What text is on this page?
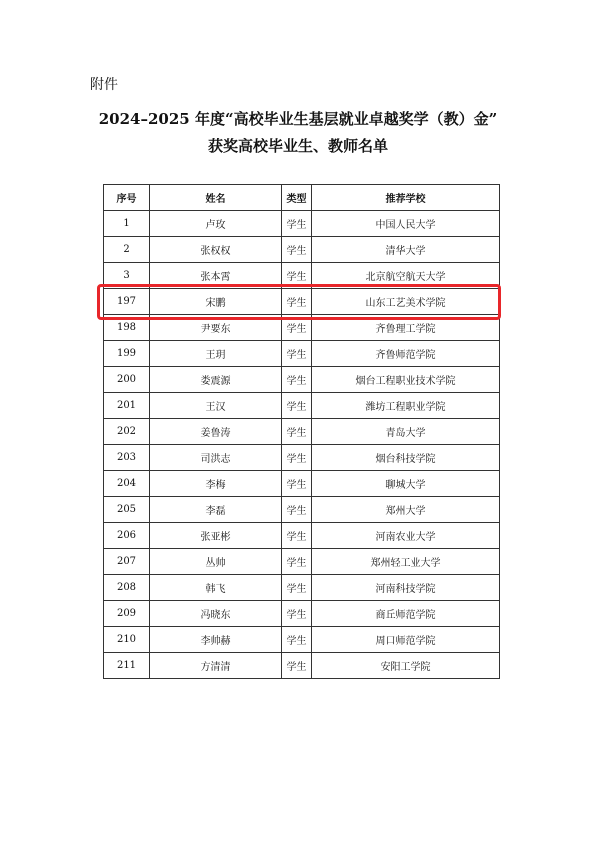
附件

2024–2025 年度“高校毕业生基层就业卓越奖学（教）金”
获奖高校毕业生、教师名单
序号	姓名	类型	推荐学校
1	卢玫	学生	中国人民大学
2	张权权	学生	清华大学
3	张本霄	学生	北京航空航天大学
197	宋鹏	学生	山东工艺美术学院
198	尹要东	学生	齐鲁理工学院
199	王玥	学生	齐鲁师范学院
200	娄震源	学生	烟台工程职业技术学院
201	王汉	学生	潍坊工程职业学院
202	姜鲁涛	学生	青岛大学
203	司洪志	学生	烟台科技学院
204	李梅	学生	聊城大学
205	李磊	学生	郑州大学
206	张亚彬	学生	河南农业大学
207	丛帅	学生	郑州轻工业大学
208	韩飞	学生	河南科技学院
209	冯晓东	学生	商丘师范学院
210	李帅赫	学生	周口师范学院
211	方清清	学生	安阳工学院
